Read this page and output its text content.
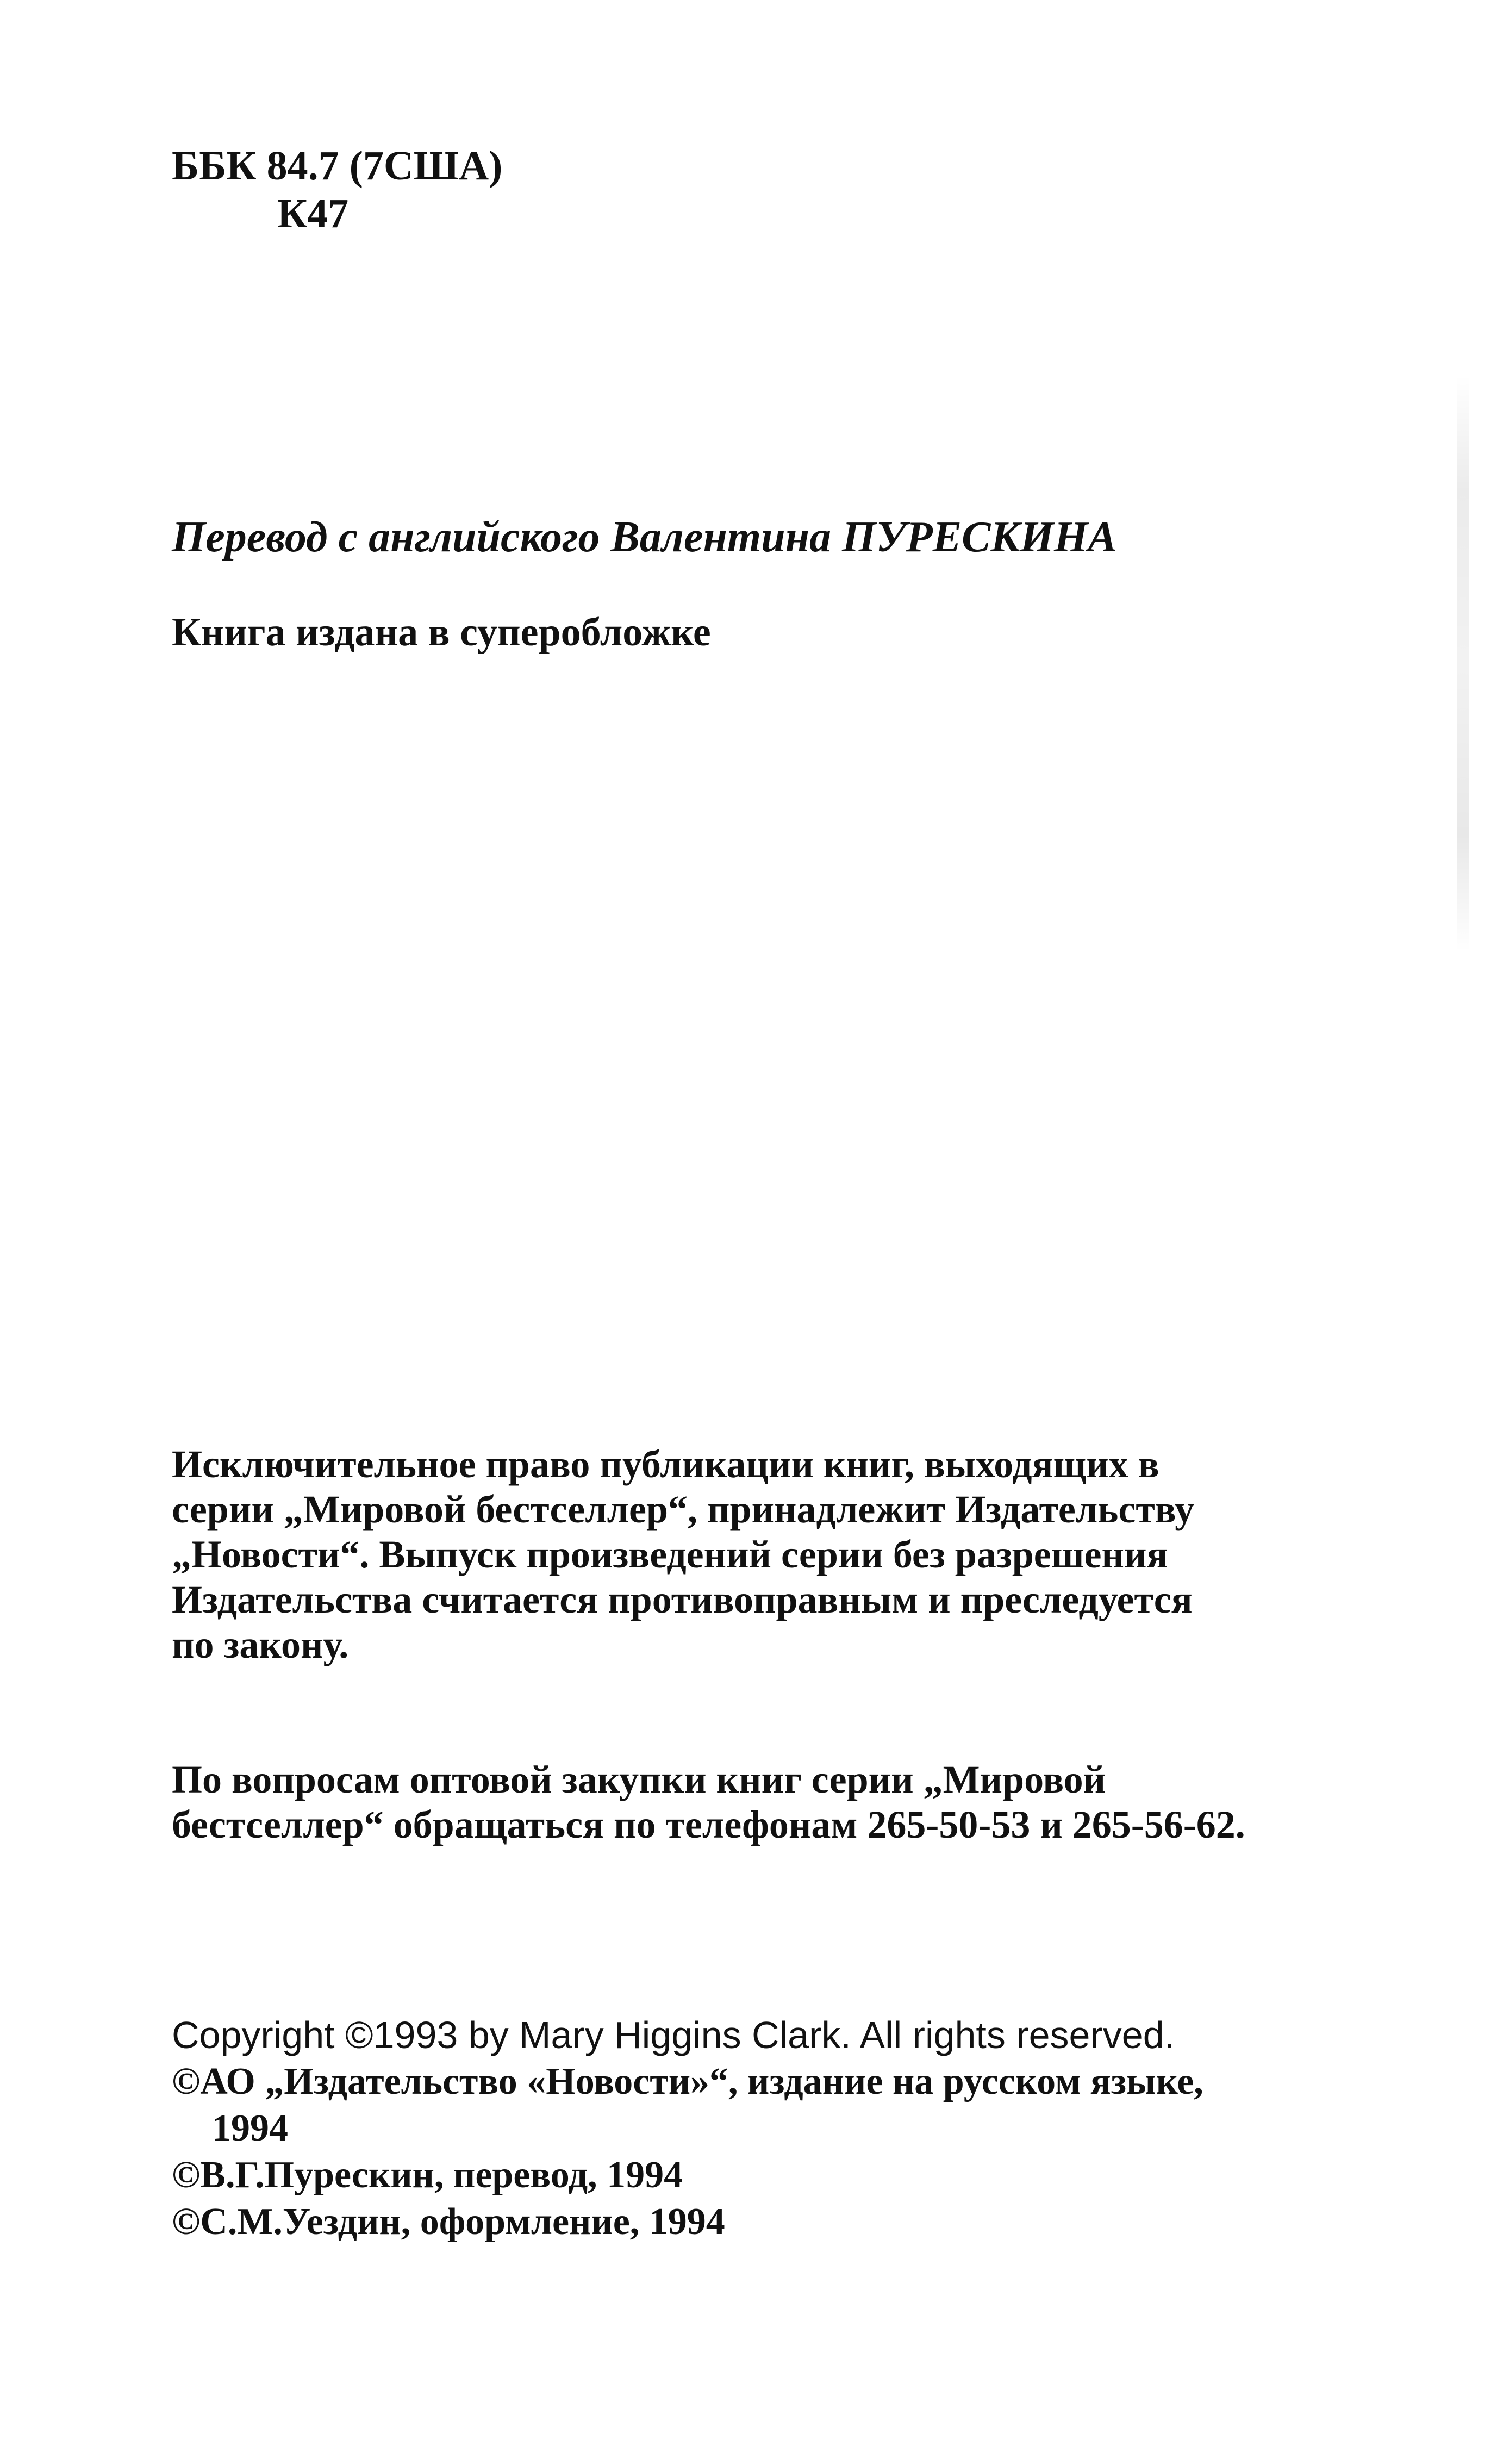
ББК 84.7 (7США)

К47

Перевод с английского Валентина ПУРЕСКИНА

Книга издана в суперобложке

Исключительное право публикации книг, выходящих в
серии „Мировой бестселлер“, принадлежит Издательству
„Новости“. Выпуск произведений серии без разрешения
Издательства считается противоправным и преследуется
по закону.
По вопросам оптовой закупки книг серии „Мировой
бестселлер“ обращаться по телефонам 265-50-53 и 265-56-62.

Copyright ©1993 by Mary Higgins Clark. All rights reserved.

©АО „Издательство «Новости»“, издание на русском языке,
1994
©В.Г.Пурескин, перевод, 1994
©С.М.Уездин, оформление, 1994
